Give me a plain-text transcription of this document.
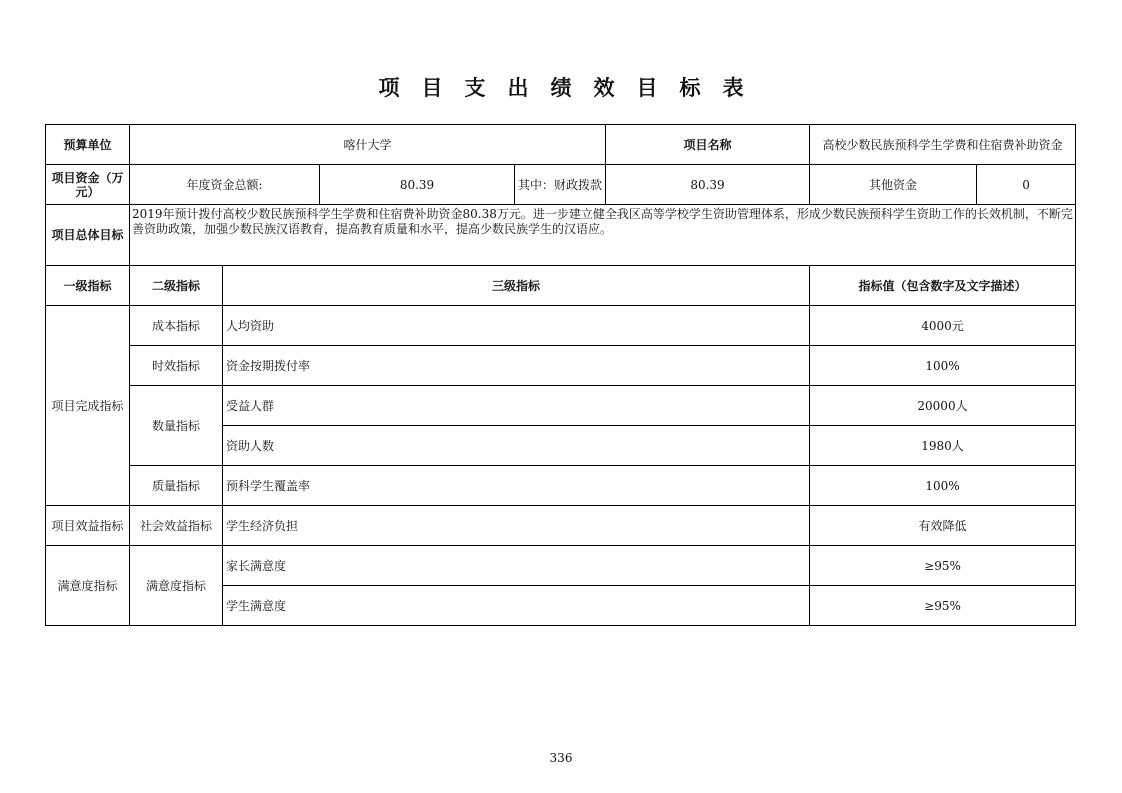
项目支出绩效目标表
预算单位	喀什大学				项目名称	高校少数民族预科学生学费和住宿费补助资金	
项目资金（万元）	年度资金总额:		80.39	其中：财政拨款	80.39	其他资金	0
项目总体目标	2019年预计拨付高校少数民族预科学生学费和住宿费补助资金80.38万元。进一步建立健全我区高等学校学生资助管理体系，形成少数民族预科学生资助工作的长效机制，不断完善资助政策，加强少数民族汉语教育，提高教育质量和水平，提高少数民族学生的汉语应。						
一级指标	二级指标	三级指标				指标值（包含数字及文字描述）	
项目完成指标	成本指标	人均资助				4000元	
	时效指标	资金按期拨付率				100%	
	数量指标	受益人群				20000人	
		资助人数				1980人	
	质量指标	预科学生覆盖率				100%	
项目效益指标	社会效益指标	学生经济负担				有效降低	
满意度指标	满意度指标	家长满意度				≥95%	
		学生满意度				≥95%	
336
